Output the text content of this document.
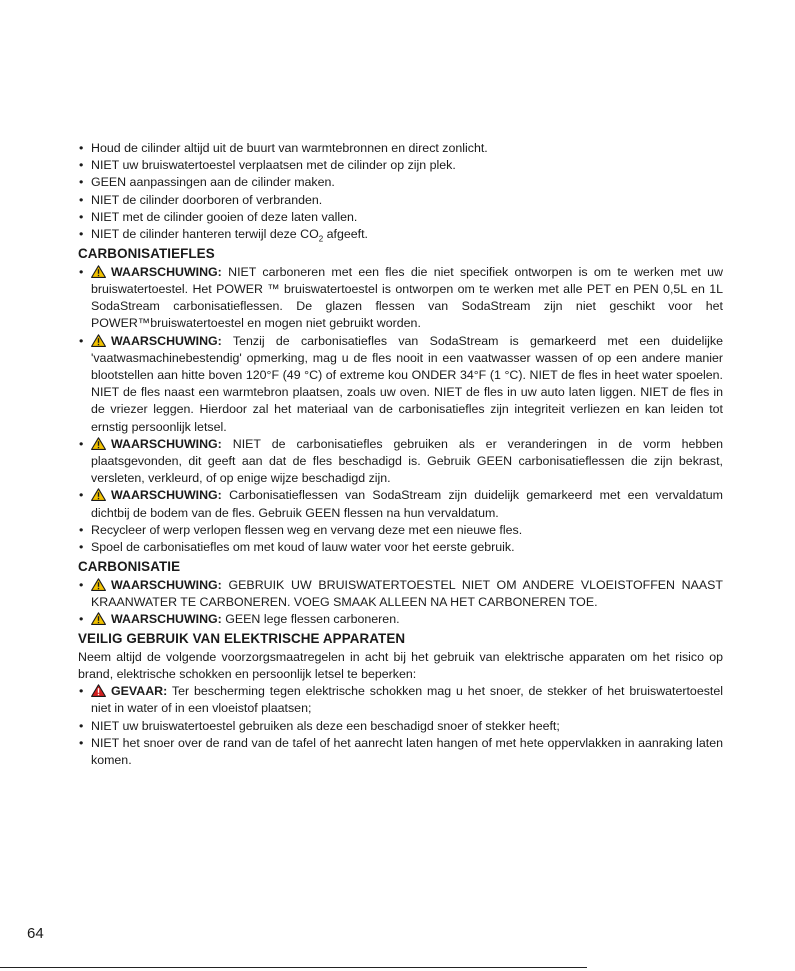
• Houd de cilinder altijd uit de buurt van warmtebronnen en direct zonlicht.
• NIET uw bruiswatertoestel verplaatsen met de cilinder op zijn plek.
• GEEN aanpassingen aan de cilinder maken.
• NIET de cilinder doorboren of verbranden.
• NIET met de cilinder gooien of deze laten vallen.
• NIET de cilinder hanteren terwijl deze $CO_2$ afgeeft.
CARBONISATIEFLES
• WAARSCHUWING: NIET carboneren met een fles die niet specifiek ontworpen is om te werken met uw bruiswatertoestel. Het POWER ™ bruiswatertoestel is ontworpen om te werken met alle PET en PEN 0,5L en 1L SodaStream carbonisatieflessen. De glazen flessen van SodaStream zijn niet geschikt voor het POWER™bruiswatertoestel en mogen niet gebruikt worden.
• WAARSCHUWING: Tenzij de carbonisatiefles van SodaStream is gemarkeerd met een duidelijke 'vaatwasmachinebestendig' opmerking, mag u de fles nooit in een vaatwasser wassen of op een andere manier blootstellen aan hitte boven 120°F (49 °C) of extreme kou ONDER 34°F (1 °C). NIET de fles in heet water spoelen. NIET de fles naast een warmtebron plaatsen, zoals uw oven. NIET de fles in uw auto laten liggen. NIET de fles in de vriezer leggen. Hierdoor zal het materiaal van de carbonisatiefles zijn integriteit verliezen en kan leiden tot ernstig persoonlijk letsel.
• WAARSCHUWING: NIET de carbonisatiefles gebruiken als er veranderingen in de vorm hebben plaatsgevonden, dit geeft aan dat de fles beschadigd is. Gebruik GEEN carbonisatieflessen die zijn bekrast, versleten, verkleurd, of op enige wijze beschadigd zijn.
• WAARSCHUWING: Carbonisatieflessen van SodaStream zijn duidelijk gemarkeerd met een vervaldatum dichtbij de bodem van de fles. Gebruik GEEN flessen na hun vervaldatum.
• Recycleer of werp verlopen flessen weg en vervang deze met een nieuwe fles.
• Spoel de carbonisatiefles om met koud of lauw water voor het eerste gebruik.
CARBONISATIE
• WAARSCHUWING: GEBRUIK UW BRUISWATERTOESTEL NIET OM ANDERE VLOEISTOFFEN NAAST KRAANWATER TE CARBONEREN. VOEG SMAAK ALLEEN NA HET CARBONEREN TOE.
• WAARSCHUWING: GEEN lege flessen carboneren.
VEILIG GEBRUIK VAN ELEKTRISCHE APPARATEN

Neem altijd de volgende voorzorgsmaatregelen in acht bij het gebruik van elektrische apparaten om het risico op brand, elektrische schokken en persoonlijk letsel te beperken:

• GEVAAR: Ter bescherming tegen elektrische schokken mag u het snoer, de stekker of het bruiswatertoestel niet in water of in een vloeistof plaatsen;
• NIET uw bruiswatertoestel gebruiken als deze een beschadigd snoer of stekker heeft;
• NIET het snoer over de rand van de tafel of het aanrecht laten hangen of met hete oppervlakken in aanraking laten komen.
64
